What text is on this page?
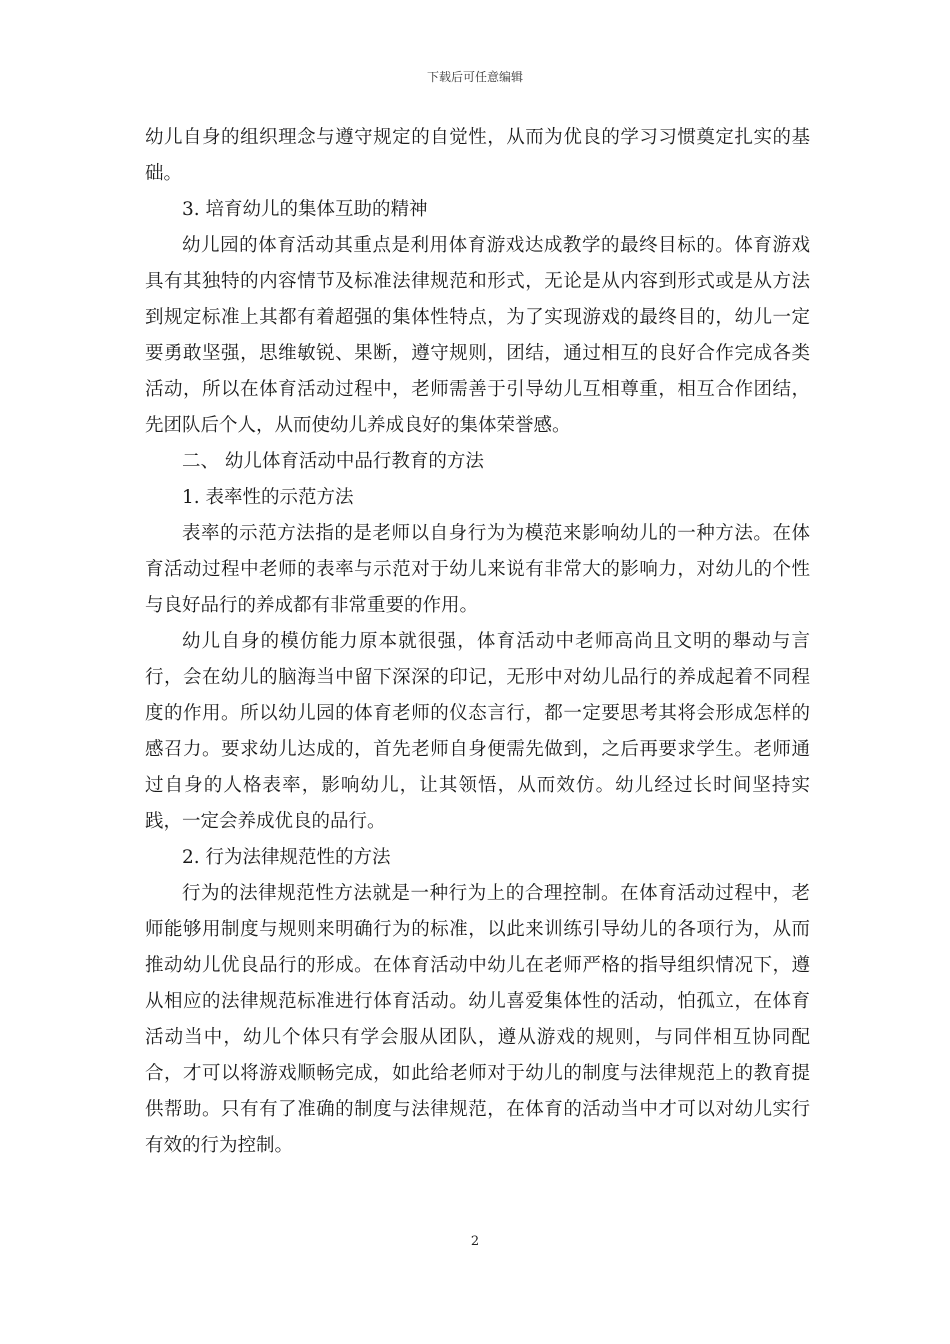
下载后可任意编辑

幼儿自身的组织理念与遵守规定的自觉性，从而为优良的学习习惯奠定扎实的基础。

3. 培育幼儿的集体互助的精神

幼儿园的体育活动其重点是利用体育游戏达成教学的最终目标的。体育游戏具有其独特的内容情节及标准法律规范和形式，无论是从内容到形式或是从方法到规定标准上其都有着超强的集体性特点，为了实现游戏的最终目的，幼儿一定要勇敢坚强，思维敏锐、果断，遵守规则，团结，通过相互的良好合作完成各类活动，所以在体育活动过程中，老师需善于引导幼儿互相尊重，相互合作团结，先团队后个人，从而使幼儿养成良好的集体荣誉感。

二、 幼儿体育活动中品行教育的方法

1. 表率性的示范方法

表率的示范方法指的是老师以自身行为为模范来影响幼儿的一种方法。在体育活动过程中老师的表率与示范对于幼儿来说有非常大的影响力，对幼儿的个性与良好品行的养成都有非常重要的作用。

幼儿自身的模仿能力原本就很强，体育活动中老师高尚且文明的舉动与言行，会在幼儿的脑海当中留下深深的印记，无形中对幼儿品行的养成起着不同程度的作用。所以幼儿园的体育老师的仪态言行，都一定要思考其将会形成怎样的感召力。要求幼儿达成的，首先老师自身便需先做到，之后再要求学生。老师通过自身的人格表率，影响幼儿，让其领悟，从而效仿。幼儿经过长时间坚持实践，一定会养成优良的品行。

2. 行为法律规范性的方法

行为的法律规范性方法就是一种行为上的合理控制。在体育活动过程中，老师能够用制度与规则来明确行为的标准，以此来训练引导幼儿的各项行为，从而推动幼儿优良品行的形成。在体育活动中幼儿在老师严格的指导组织情况下，遵从相应的法律规范标准进行体育活动。幼儿喜爱集体性的活动，怕孤立，在体育活动当中，幼儿个体只有学会服从团队，遵从游戏的规则，与同伴相互协同配合，才可以将游戏顺畅完成，如此给老师对于幼儿的制度与法律规范上的教育提供帮助。只有有了准确的制度与法律规范，在体育的活动当中才可以对幼儿实行有效的行为控制。

2
